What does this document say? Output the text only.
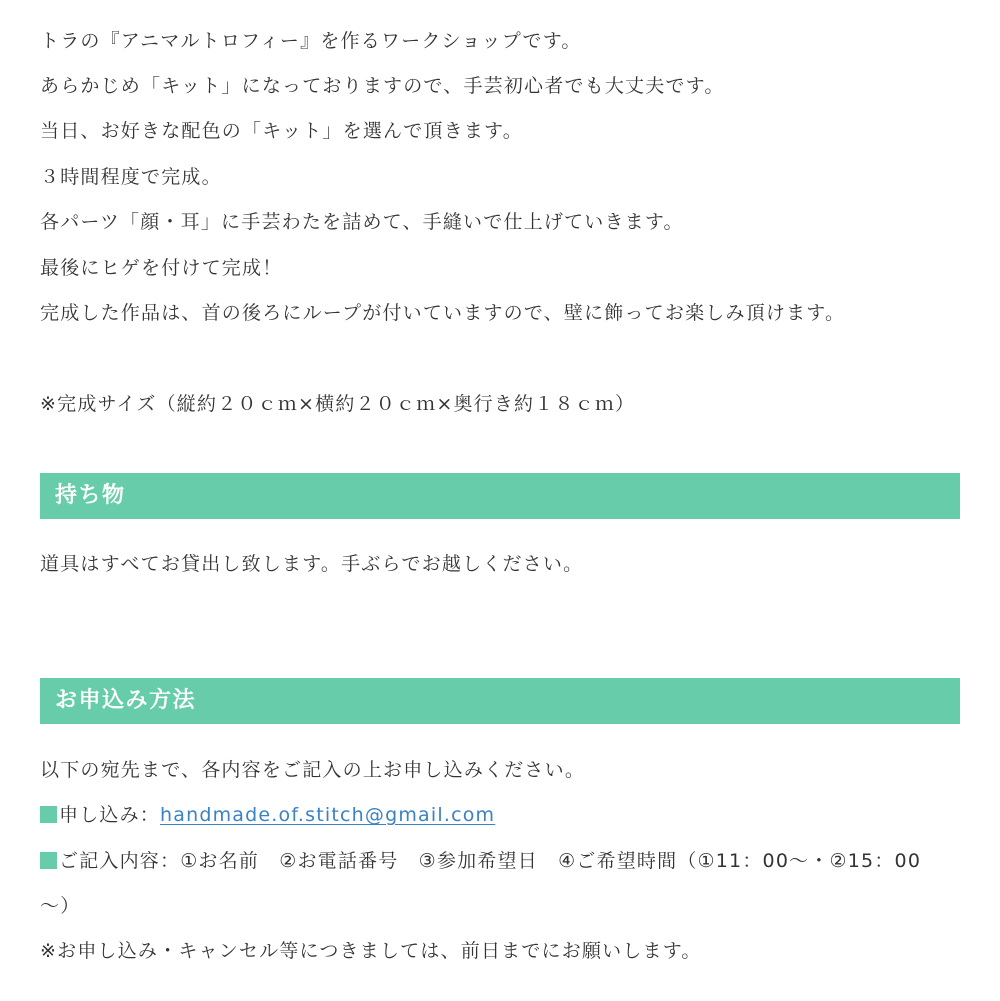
トラの『アニマルトロフィー』を作るワークショップです。

あらかじめ「キット」になっておりますので、手芸初心者でも大丈夫です。

当日、お好きな配色の「キット」を選んで頂きます。

３時間程度で完成。

各パーツ「顔・耳」に手芸わたを詰めて、手縫いで仕上げていきます。

最後にヒゲを付けて完成！

完成した作品は、首の後ろにループが付いていますので、壁に飾ってお楽しみ頂けます。

※完成サイズ（縦約２０ｃｍ×横約２０ｃｍ×奥行き約１８ｃｍ）

持ち物

道具はすべてお貸出し致します。手ぶらでお越しください。

お申込み方法

以下の宛先まで、各内容をご記入の上お申し込みください。

申し込み：handmade.of.stitch@gmail.com

ご記入内容：①お名前　②お電話番号　③参加希望日　④ご希望時間（①11：00〜・②15：00

〜）

※お申し込み・キャンセル等につきましては、前日までにお願いします。
